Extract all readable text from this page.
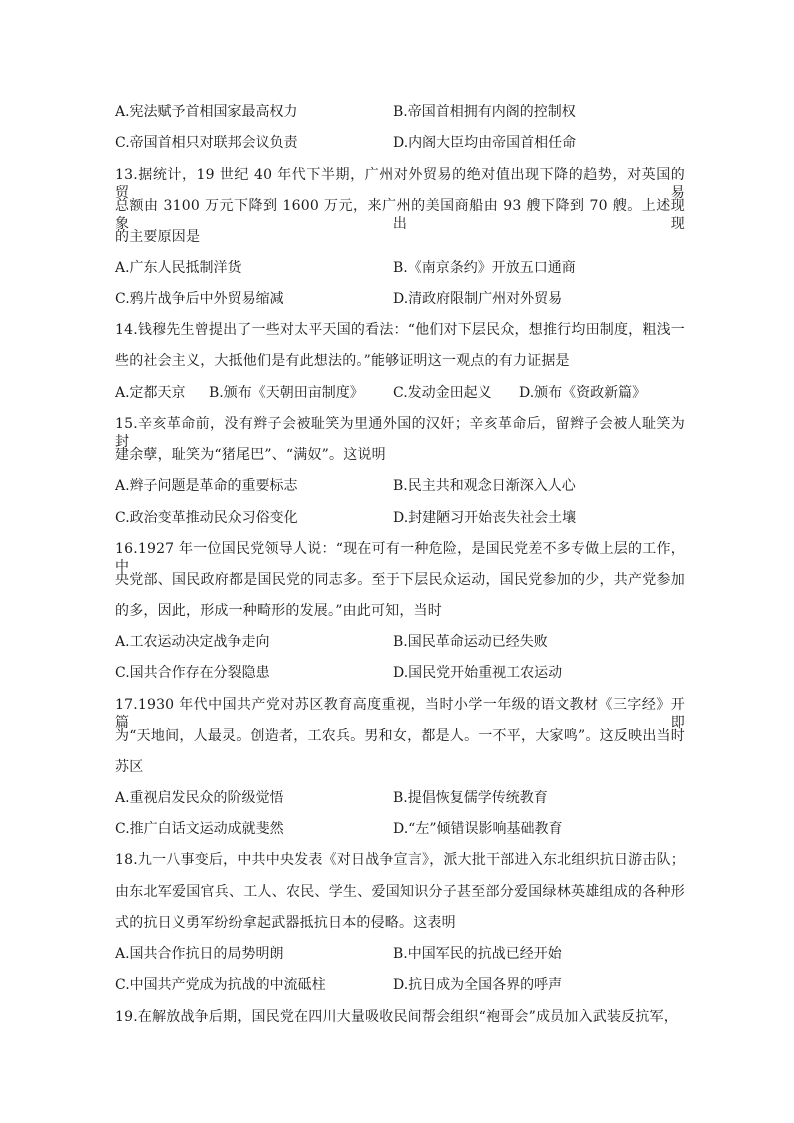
A.宪法赋予首相国家最高权力	B.帝国首相拥有内阁的控制权
C.帝国首相只对联邦会议负责	D.内阁大臣均由帝国首相任命
13.据统计，19 世纪 40 年代下半期，广州对外贸易的绝对值出现下降的趋势，对英国的贸易
总额由 3100 万元下降到 1600 万元，来广州的美国商船由 93 艘下降到 70 艘。上述现象出现
的主要原因是
A.广东人民抵制洋货	B.《南京条约》开放五口通商
C.鸦片战争后中外贸易缩减	D.清政府限制广州对外贸易
14.钱穆先生曾提出了一些对太平天国的看法：“他们对下层民众，想推行均田制度，粗浅一
些的社会主义，大抵他们是有此想法的。”能够证明这一观点的有力证据是
A.定都天京 B.颁布《天朝田亩制度》 C.发动金田起义 D.颁布《资政新篇》
15.辛亥革命前，没有辫子会被耻笑为里通外国的汉奸；辛亥革命后，留辫子会被人耻笑为封
建余孽，耻笑为“猪尾巴”、“满奴”。这说明
A.辫子问题是革命的重要标志	B.民主共和观念日渐深入人心
C.政治变革推动民众习俗变化	D.封建陋习开始丧失社会土壤
16.1927 年一位国民党领导人说：“现在可有一种危险，是国民党差不多专做上层的工作，中
央党部、国民政府都是国民党的同志多。至于下层民众运动，国民党参加的少，共产党参加
的多，因此，形成一种畸形的发展。”由此可知，当时
A.工农运动决定战争走向	B.国民革命运动已经失败
C.国共合作存在分裂隐患	D.国民党开始重视工农运动
17.1930 年代中国共产党对苏区教育高度重视，当时小学一年级的语文教材《三字经》开篇即
为“天地间，人最灵。创造者，工农兵。男和女，都是人。一不平，大家鸣”。这反映出当时
苏区
A.重视启发民众的阶级觉悟	B.提倡恢复儒学传统教育
C.推广白话文运动成就斐然	D.“左”倾错误影响基础教育
18.九一八事变后，中共中央发表《对日战争宣言》，派大批干部进入东北组织抗日游击队；
由东北军爱国官兵、工人、农民、学生、爱国知识分子甚至部分爱国绿林英雄组成的各种形
式的抗日义勇军纷纷拿起武器抵抗日本的侵略。这表明
A.国共合作抗日的局势明朗	B.中国军民的抗战已经开始
C.中国共产党成为抗战的中流砥柱	D.抗日成为全国各界的呼声
19.在解放战争后期，国民党在四川大量吸收民间帮会组织“袍哥会”成员加入武装反抗军，
